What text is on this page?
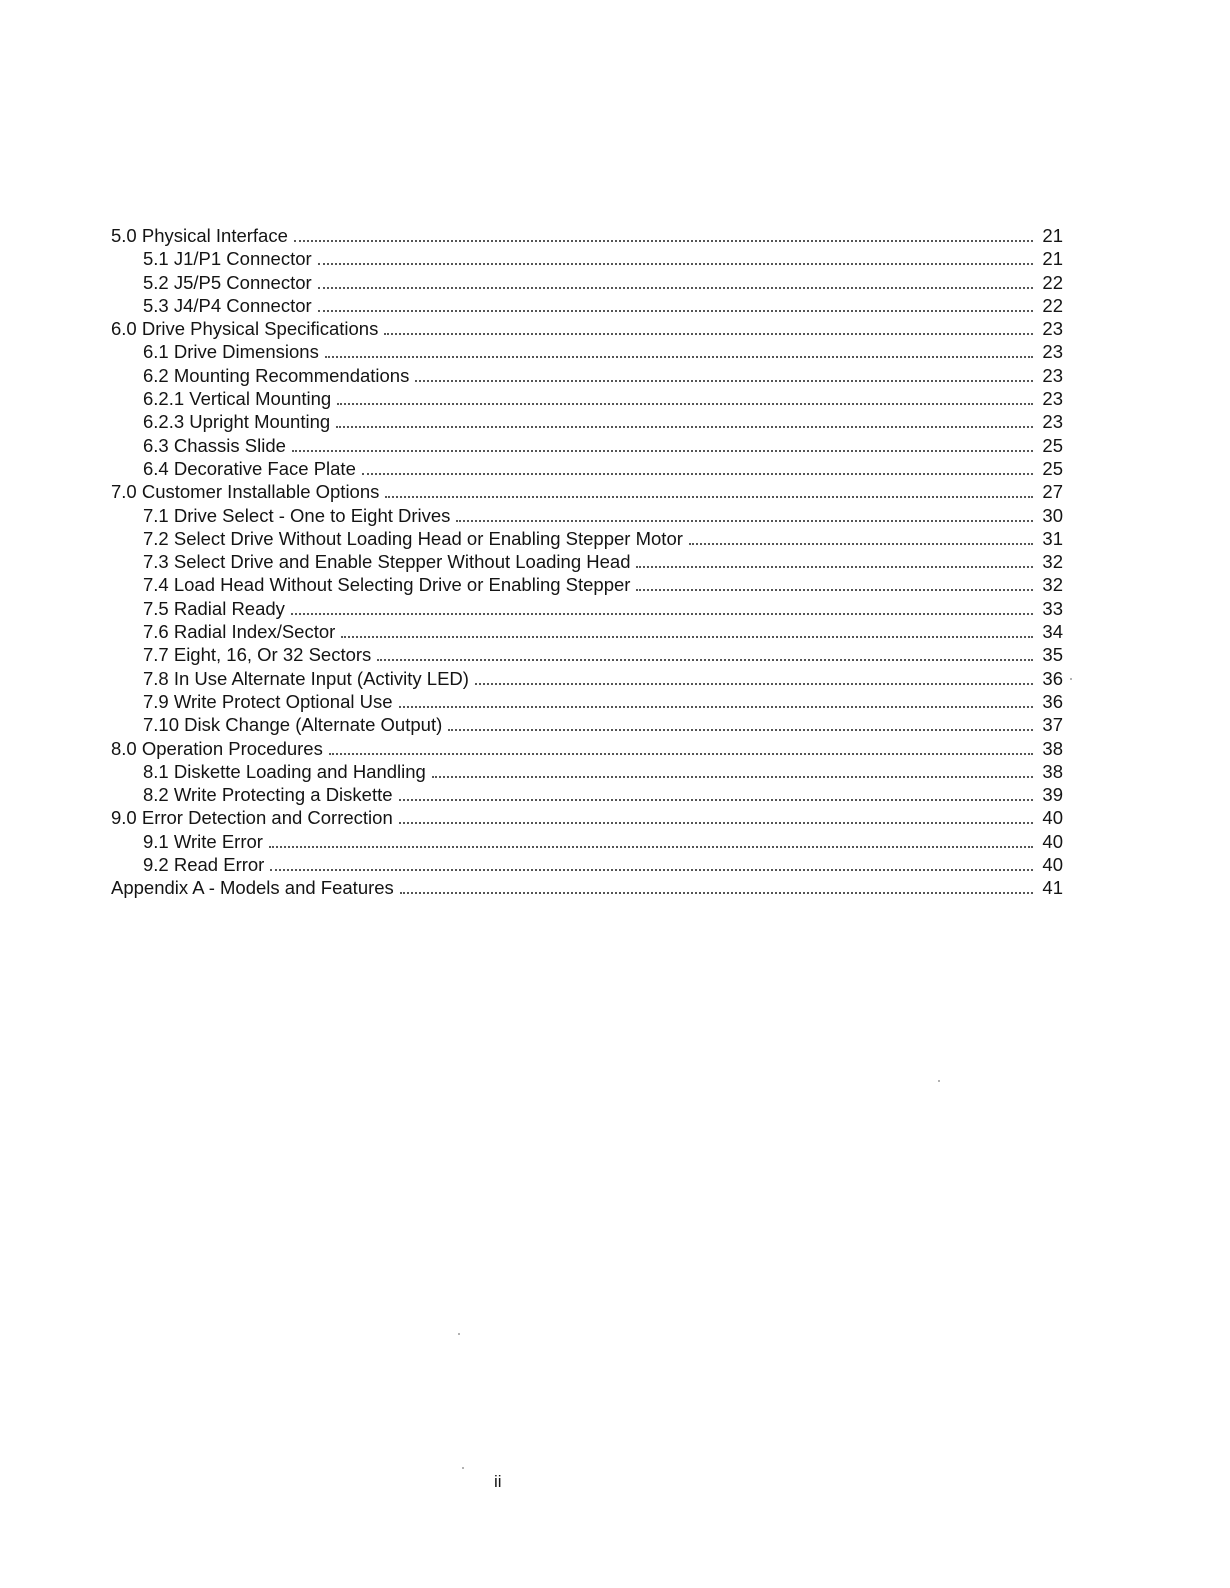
5.0 Physical Interface	21
5.1 J1/P1 Connector	21
5.2 J5/P5 Connector	22
5.3 J4/P4 Connector	22
6.0 Drive Physical Specifications	23
6.1 Drive Dimensions	23
6.2 Mounting Recommendations	23
6.2.1 Vertical Mounting	23
6.2.3 Upright Mounting	23
6.3 Chassis Slide	25
6.4 Decorative Face Plate	25
7.0 Customer Installable Options	27
7.1 Drive Select - One to Eight Drives	30
7.2 Select Drive Without Loading Head or Enabling Stepper Motor	31
7.3 Select Drive and Enable Stepper Without Loading Head	32
7.4 Load Head Without Selecting Drive or Enabling Stepper	32
7.5 Radial Ready	33
7.6 Radial Index/Sector	34
7.7 Eight, 16, Or 32 Sectors	35
7.8 In Use Alternate Input (Activity LED)	36
7.9 Write Protect Optional Use	36
7.10 Disk Change (Alternate Output)	37
8.0 Operation Procedures	38
8.1 Diskette Loading and Handling	38
8.2 Write Protecting a Diskette	39
9.0 Error Detection and Correction	40
9.1 Write Error	40
9.2 Read Error	40
Appendix A - Models and Features	41
ii
